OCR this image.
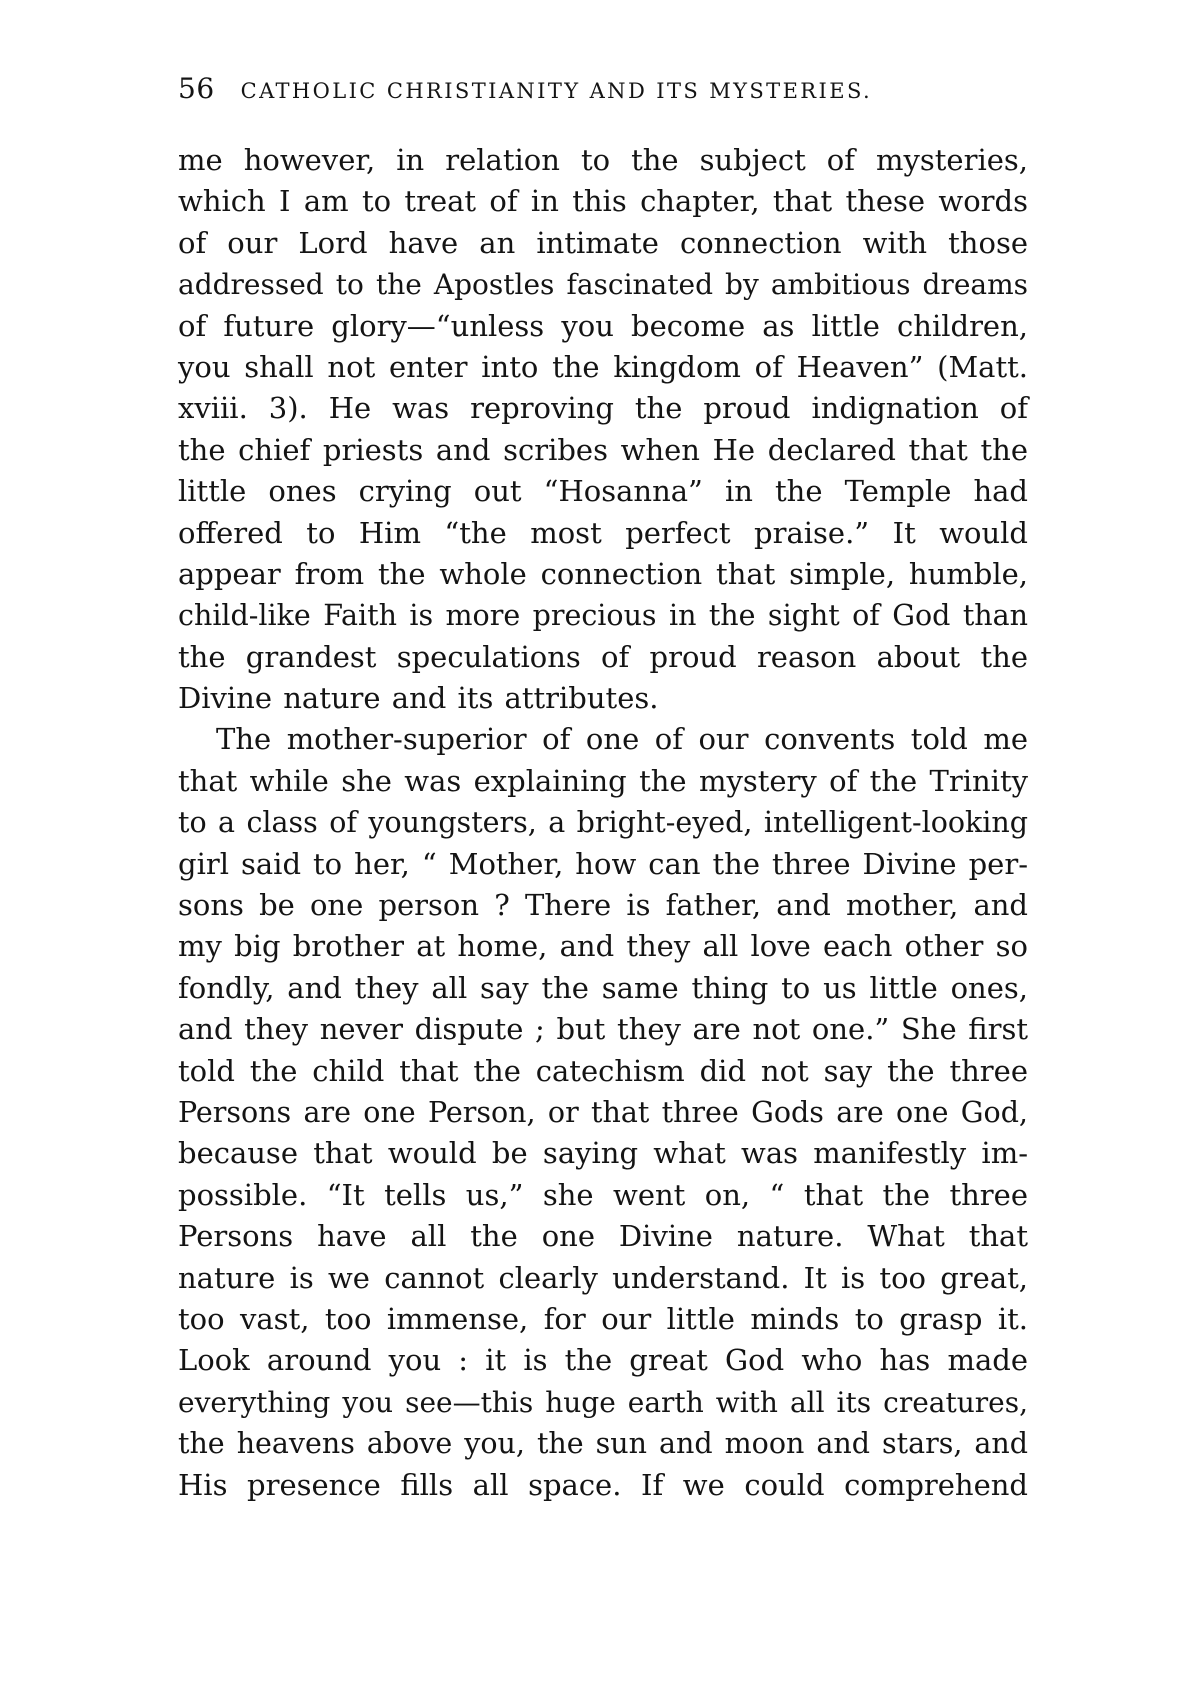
56 CATHOLIC CHRISTIANITY AND ITS MYSTERIES.
me however, in relation to the subject of mysteries,
which I am to treat of in this chapter, that these words
of our Lord have an intimate connection with those
addressed to the Apostles fascinated by ambitious dreams
of future glory—“unless you become as little children,
you shall not enter into the kingdom of Heaven” (Matt.
xviii. 3). He was reproving the proud indignation of
the chief priests and scribes when He declared that the
little ones crying out “Hosanna” in the Temple had
offered to Him “the most perfect praise.” It would
appear from the whole connection that simple, humble,
child-like Faith is more precious in the sight of God than
the grandest speculations of proud reason about the
Divine nature and its attributes.
The mother-superior of one of our convents told me
that while she was explaining the mystery of the Trinity
to a class of youngsters, a bright-eyed, intelligent-looking
girl said to her, “ Mother, how can the three Divine per-
sons be one person ? There is father, and mother, and
my big brother at home, and they all love each other so
fondly, and they all say the same thing to us little ones,
and they never dispute ; but they are not one.” She first
told the child that the catechism did not say the three
Persons are one Person, or that three Gods are one God,
because that would be saying what was manifestly im-
possible. “It tells us,” she went on, “ that the three
Persons have all the one Divine nature. What that
nature is we cannot clearly understand. It is too great,
too vast, too immense, for our little minds to grasp it.
Look around you : it is the great God who has made
everything you see—this huge earth with all its creatures,
the heavens above you, the sun and moon and stars, and
His presence fills all space. If we could comprehend
